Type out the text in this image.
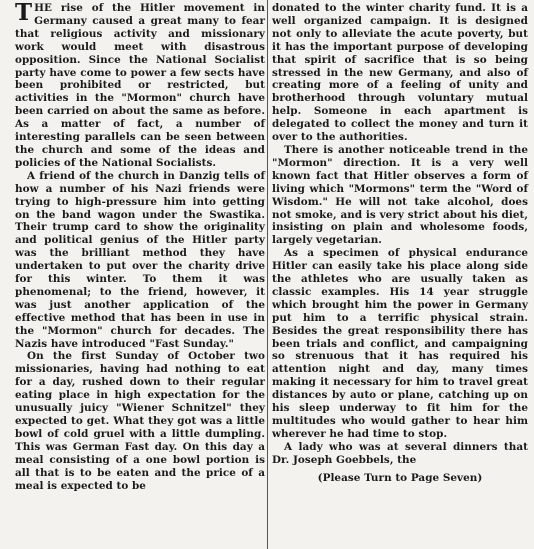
THE rise of the Hitler movement in Germany caused a great many to fear that religious activity and missionary work would meet with disastrous opposition. Since the National Socialist party have come to power a few sects have been prohibited or restricted, but activities in the "Mormon" church have been carried on about the same as before. As a matter of fact, a number of interesting parallels can be seen between the church and some of the ideas and policies of the National Socialists.

A friend of the church in Danzig tells of how a number of his Nazi friends were trying to high-pressure him into getting on the band wagon under the Swastika. Their trump card to show the originality and political genius of the Hitler party was the brilliant method they have undertaken to put over the charity drive for this winter. To them it was phenomenal; to the friend, however, it was just another application of the effective method that has been in use in the "Mormon" church for decades. The Nazis have introduced "Fast Sunday."

On the first Sunday of October two missionaries, having had nothing to eat for a day, rushed down to their regular eating place in high expectation for the unusually juicy "Wiener Schnitzel" they expected to get. What they got was a little bowl of cold gruel with a little dumpling. This was German Fast day. On this day a meal consisting of a one bowl portion is all that is to be eaten and the price of a meal is expected to be

donated to the winter charity fund. It is a well organized campaign. It is designed not only to alleviate the acute poverty, but it has the important purpose of developing that spirit of sacrifice that is so being stressed in the new Germany, and also of creating more of a feeling of unity and brotherhood through voluntary mutual help. Someone in each apartment is delegated to collect the money and turn it over to the authorities.

There is another noticeable trend in the "Mormon" direction. It is a very well known fact that Hitler observes a form of living which "Mormons" term the "Word of Wisdom." He will not take alcohol, does not smoke, and is very strict about his diet, insisting on plain and wholesome foods, largely vegetarian.

As a specimen of physical endurance Hitler can easily take his place along side the athletes who are usually taken as classic examples. His 14 year struggle which brought him the power in Germany put him to a terrific physical strain. Besides the great responsibility there has been trials and conflict, and campaigning so strenuous that it has required his attention night and day, many times making it necessary for him to travel great distances by auto or plane, catching up on his sleep underway to fit him for the multitudes who would gather to hear him wherever he had time to stop.

A lady who was at several dinners that Dr. Joseph Goebbels, the

(Please Turn to Page Seven)
